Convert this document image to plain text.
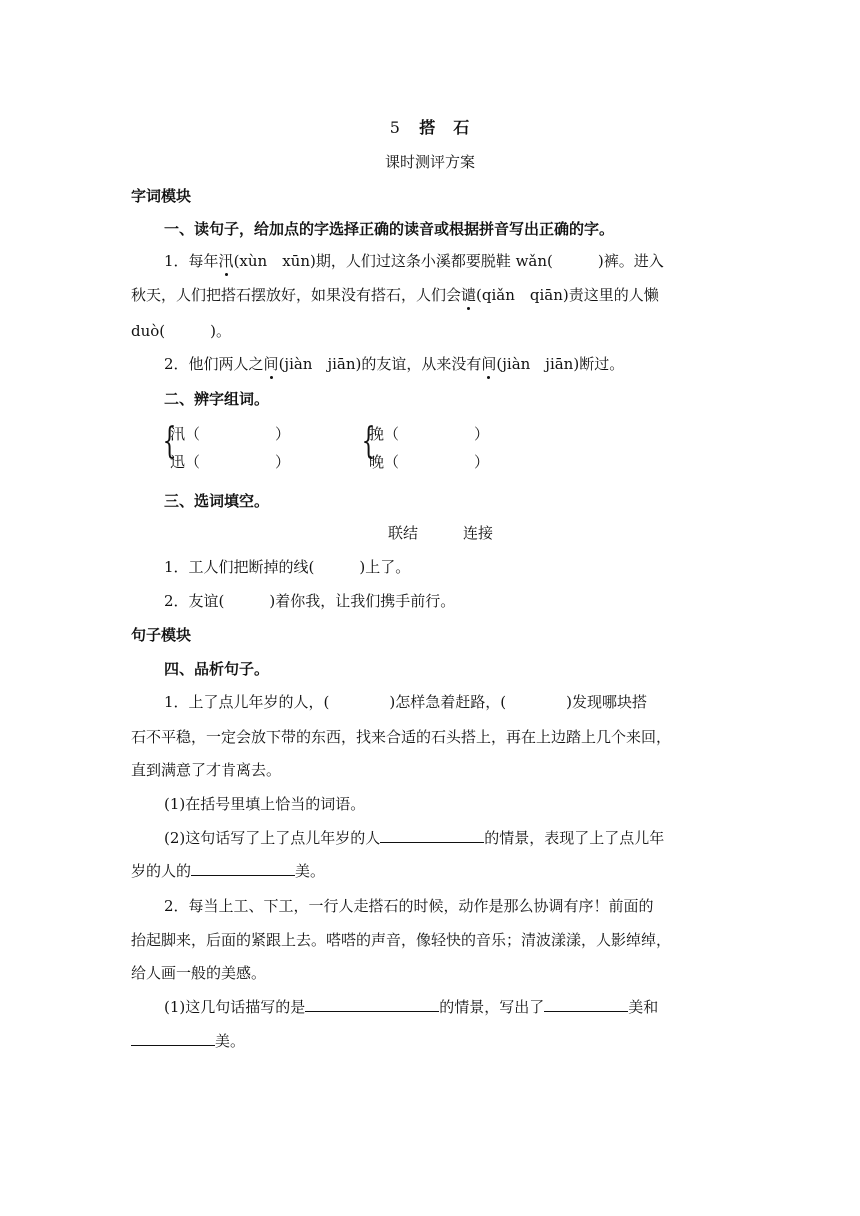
5 搭　石
课时测评方案
字词模块
一、读句子，给加点的字选择正确的读音或根据拼音写出正确的字。
1．每年汛(xùn　xūn)期，人们过这条小溪都要脱鞋 wǎn(　　　)裤。进入
秋天，人们把搭石摆放好，如果没有搭石，人们会谴(qiǎn　qiān)责这里的人懒
duò(　　　)。
2．他们两人之间(jiàn　jiān)的友谊，从来没有间(jiàn　jiān)断过。
二、辨字组词。
{
汛（　　　　　）
迅（　　　　　） {
挽（　　　　　）
晚（　　　　　）
三、选词填空。
联结　　　连接
1．工人们把断掉的线(　　　)上了。
2．友谊(　　　)着你我，让我们携手前行。
句子模块
四、品析句子。
1．上了点儿年岁的人，(　　　　)怎样急着赶路，(　　　　)发现哪块搭
石不平稳，一定会放下带的东西，找来合适的石头搭上，再在上边踏上几个来回，
直到满意了才肯离去。
(1)在括号里填上恰当的词语。
(2)这句话写了上了点儿年岁的人	的情景，表现了上了点儿年
岁的人的	美。
2．每当上工、下工，一行人走搭石的时候，动作是那么协调有序！前面的
抬起脚来，后面的紧跟上去。嗒嗒的声音，像轻快的音乐；清波漾漾，人影绰绰，
给人画一般的美感。
(1)这几句话描写的是	的情景，写出了	美和
美。
